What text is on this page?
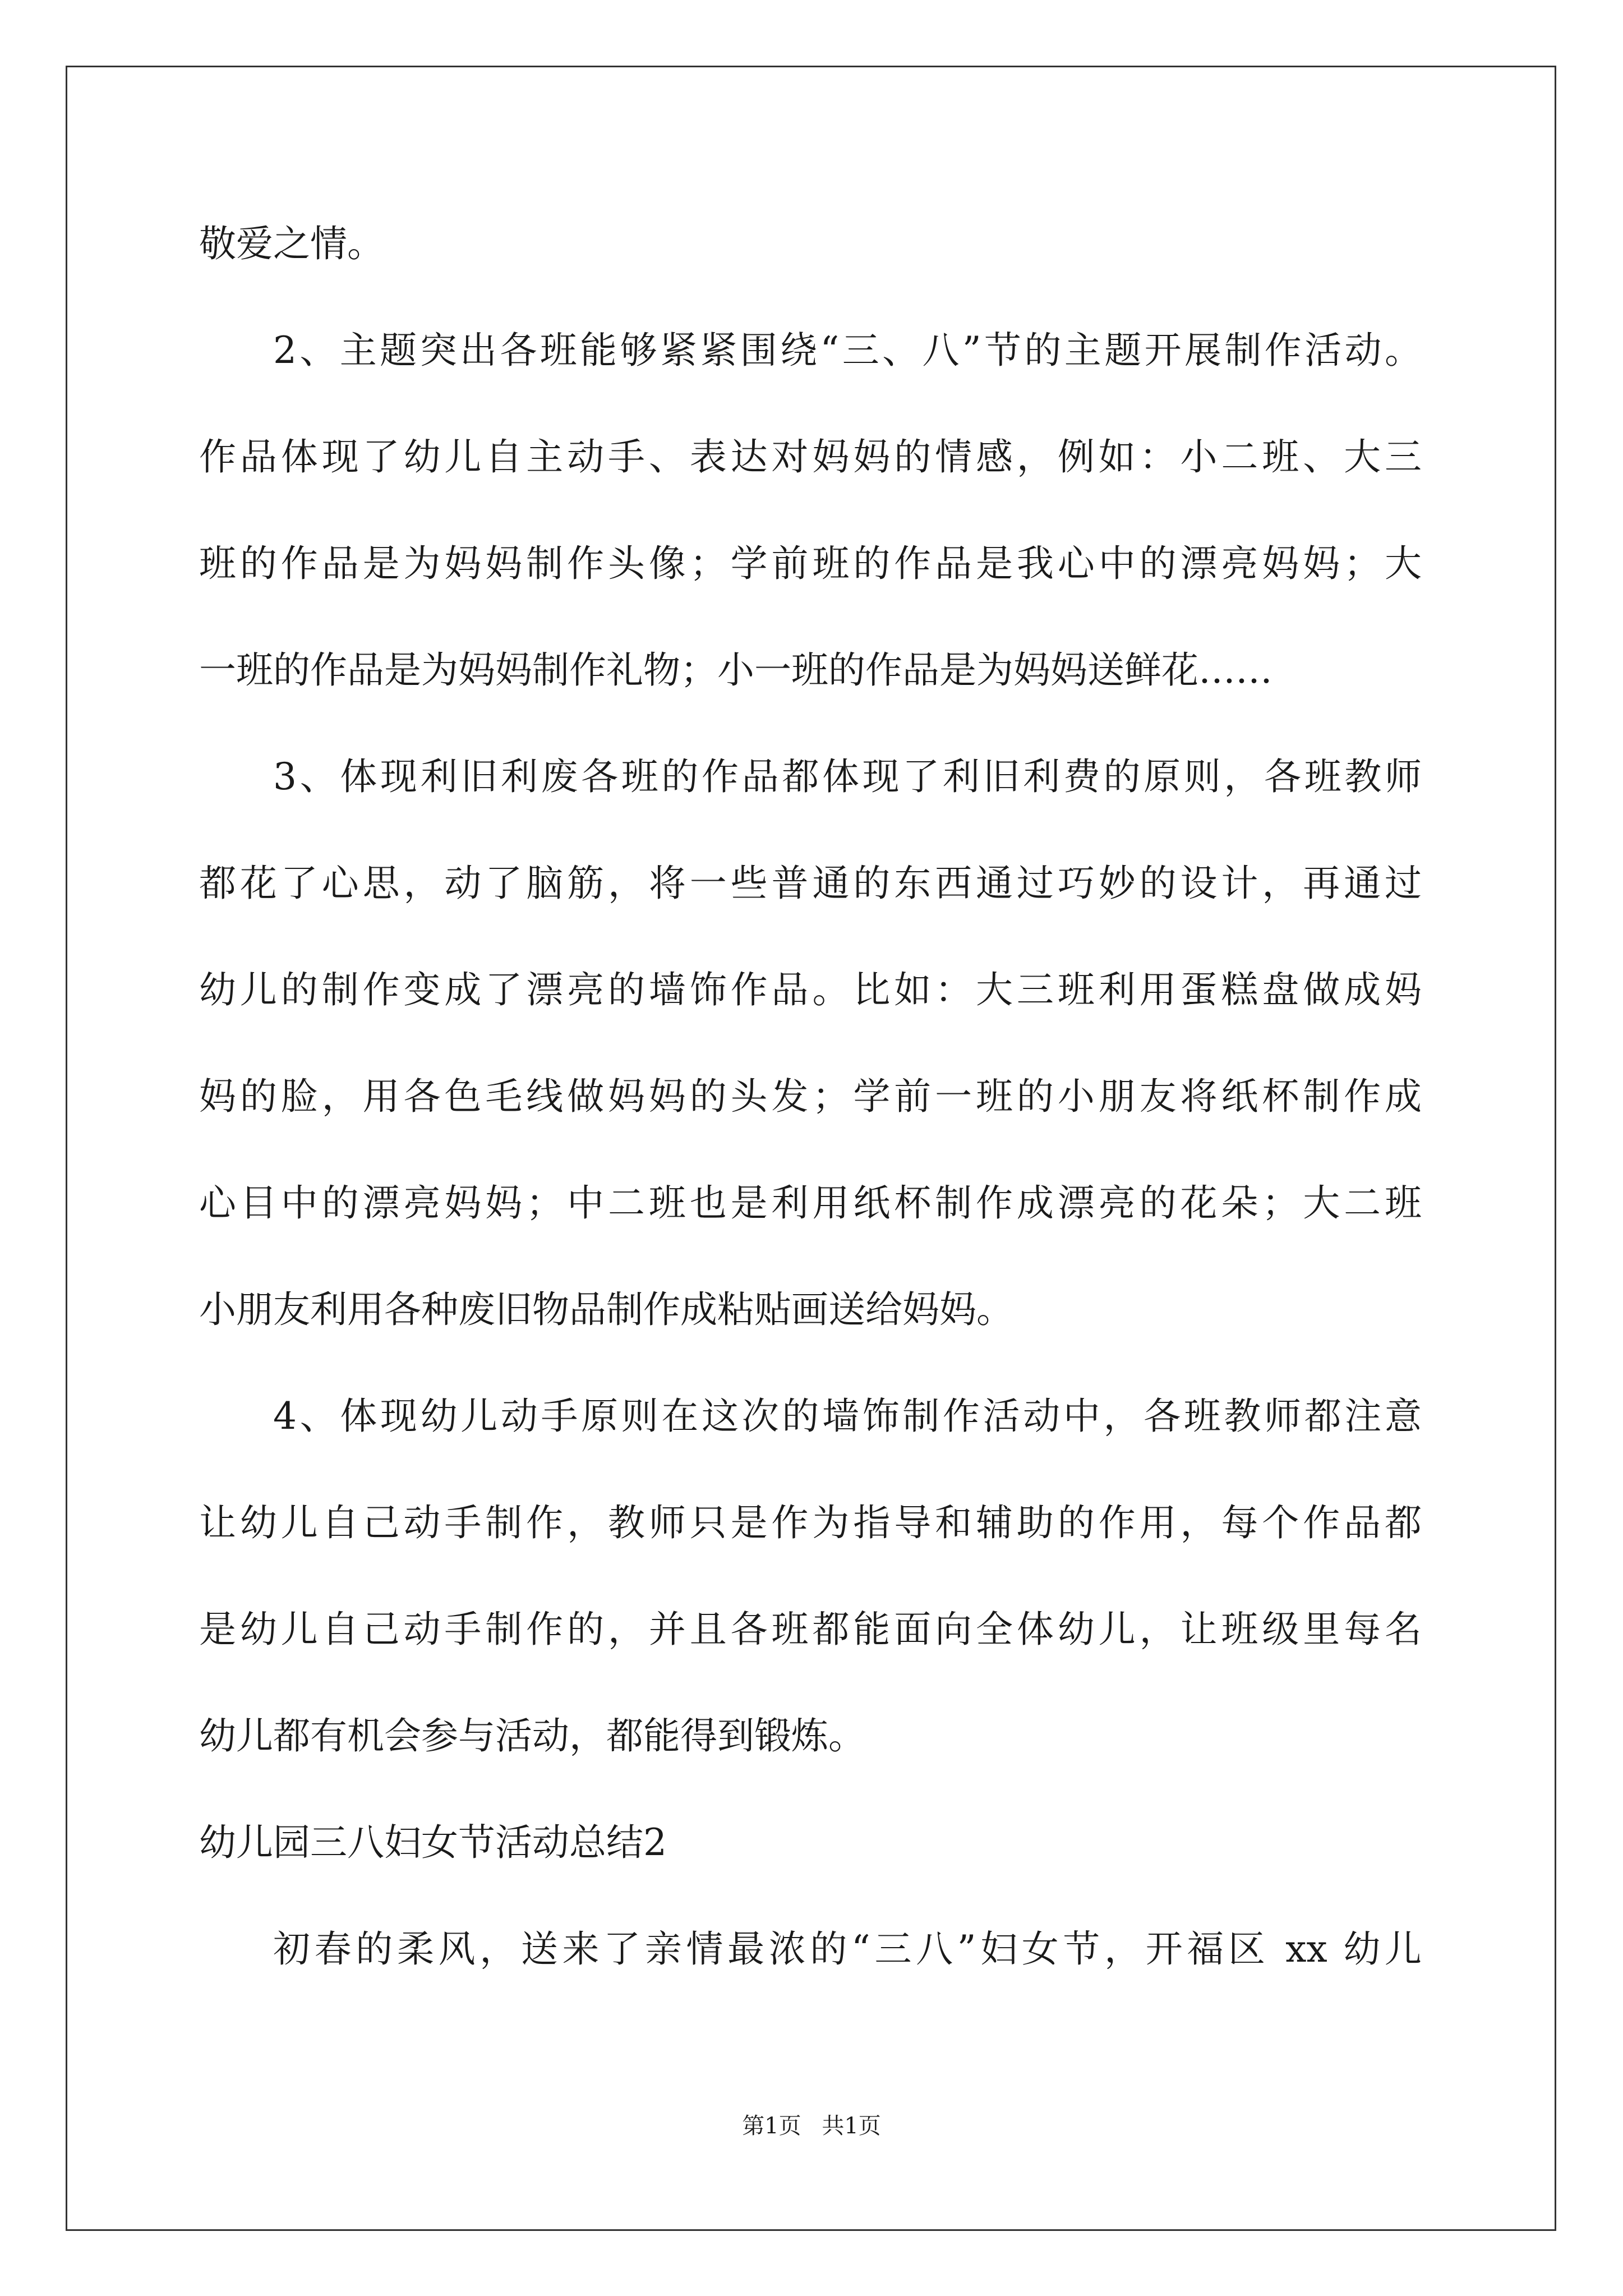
敬爱之情。
2、主题突出各班能够紧紧围绕“三、八”节的主题开展制作活动。
作品体现了幼儿自主动手、表达对妈妈的情感，例如：小二班、大三
班的作品是为妈妈制作头像；学前班的作品是我心中的漂亮妈妈；大
一班的作品是为妈妈制作礼物；小一班的作品是为妈妈送鲜花……
3、体现利旧利废各班的作品都体现了利旧利费的原则，各班教师
都花了心思，动了脑筋，将一些普通的东西通过巧妙的设计，再通过
幼儿的制作变成了漂亮的墙饰作品。比如：大三班利用蛋糕盘做成妈
妈的脸，用各色毛线做妈妈的头发；学前一班的小朋友将纸杯制作成
心目中的漂亮妈妈；中二班也是利用纸杯制作成漂亮的花朵；大二班
小朋友利用各种废旧物品制作成粘贴画送给妈妈。
4、体现幼儿动手原则在这次的墙饰制作活动中，各班教师都注意
让幼儿自己动手制作，教师只是作为指导和辅助的作用，每个作品都
是幼儿自己动手制作的，并且各班都能面向全体幼儿，让班级里每名
幼儿都有机会参与活动，都能得到锻炼。
幼儿园三八妇女节活动总结2
初春的柔风，送来了亲情最浓的“三八”妇女节，开福区 xx 幼儿
第1页 共1页
